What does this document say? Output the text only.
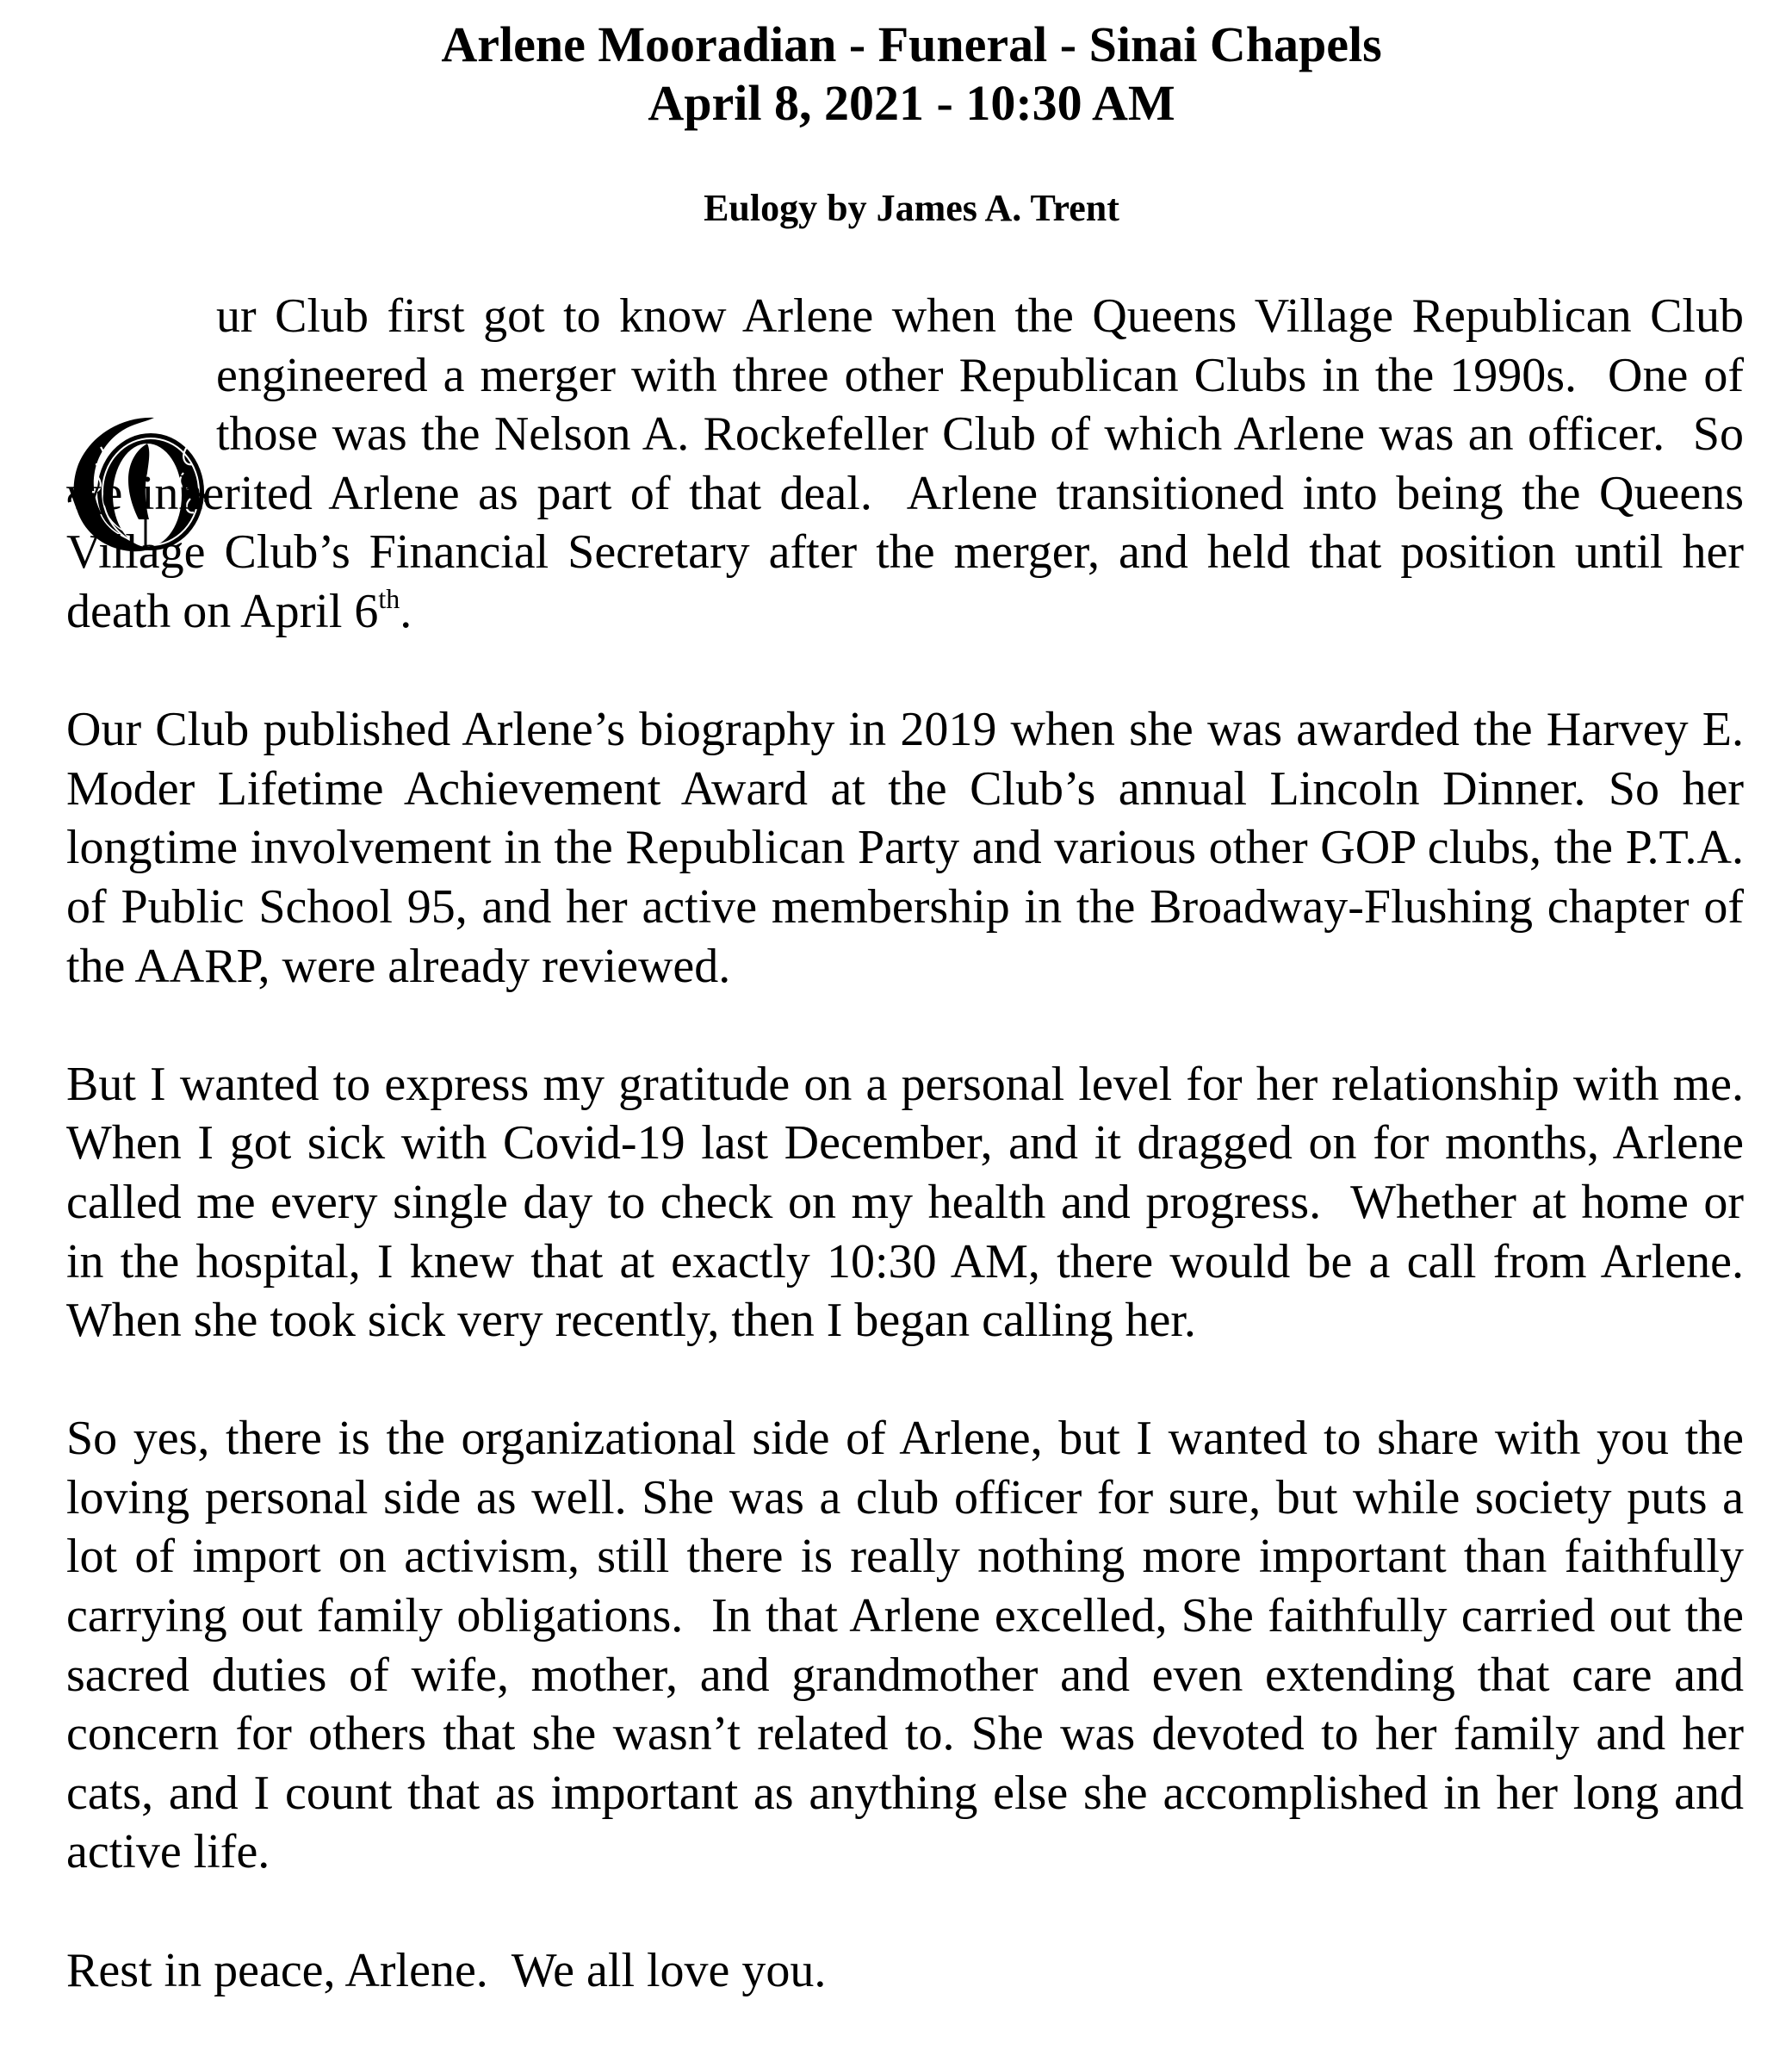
Arlene Mooradian - Funeral - Sinai Chapels
April 8, 2021 - 10:30 AM
Eulogy by James A. Trent

ur Club first got to know Arlene when the Queens Village Republican Club engineered a merger with three other Republican Clubs in the 1990s.  One of those was the Nelson A. Rockefeller Club of which Arlene was an officer.  So we inherited Arlene as part of that deal.  Arlene transitioned into being the Queens Village Club’s Financial Secretary after the merger, and held that position until her death on April 6th.

Our Club published Arlene’s biography in 2019 when she was awarded the Harvey E. Moder Lifetime Achievement Award at the Club’s annual Lincoln Dinner. So her longtime involvement in the Republican Party and various other GOP clubs, the P.T.A. of Public School 95, and her active membership in the Broadway-Flushing chapter of the AARP, were already reviewed.

But I wanted to express my gratitude on a personal level for her relationship with me. When I got sick with Covid-19 last December, and it dragged on for months, Arlene called me every single day to check on my health and progress.  Whether at home or in the hospital, I knew that at exactly 10:30 AM, there would be a call from Arlene. When she took sick very recently, then I began calling her.

So yes, there is the organizational side of Arlene, but I wanted to share with you the loving personal side as well. She was a club officer for sure, but while society puts a lot of import on activism, still there is really nothing more important than faithfully carrying out family obligations.  In that Arlene excelled, She faithfully carried out the sacred duties of wife, mother, and grandmother and even extending that care and concern for others that she wasn’t related to. She was devoted to her family and her cats, and I count that as important as anything else she accomplished in her long and active life.

Rest in peace, Arlene.  We all love you.
